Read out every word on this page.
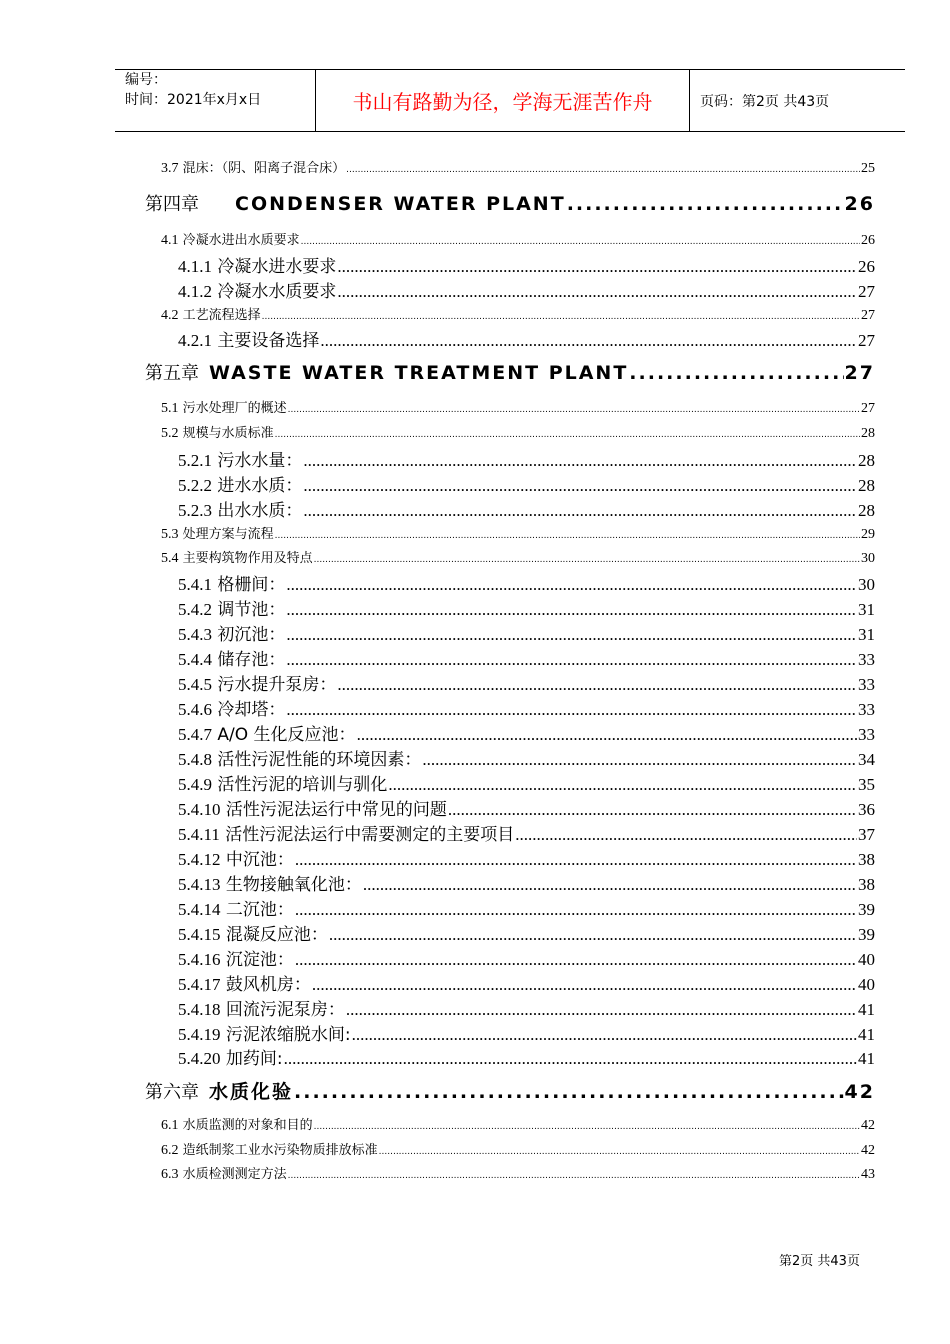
编号：
时间：2021年x月x日	书山有路勤为径，学海无涯苦作舟	页码：第2页 共43页
3.7 混床：（阴、阳离子混合床） .....	25
第四章 CONDENSER WATER PLANT .....	26
4.1 冷凝水进出水质要求 .....	26
4.1.1 冷凝水进水要求 .....	26
4.1.2 冷凝水水质要求 .....	27
4.2 工艺流程选择 .....	27
4.2.1 主要设备选择 .....	27
第五章 WASTE WATER TREATMENT PLANT .....	27
5.1 污水处理厂的概述 .....	27
5.2 规模与水质标准 .....	28
5.2.1 污水水量： .....	28
5.2.2 进水水质： .....	28
5.2.3 出水水质： .....	28
5.3 处理方案与流程 .....	29
5.4 主要构筑物作用及特点 .....	30
5.4.1 格栅间： .....	30
5.4.2 调节池： .....	31
5.4.3 初沉池： .....	31
5.4.4 储存池： .....	33
5.4.5 污水提升泵房： .....	33
5.4.6 冷却塔： .....	33
5.4.7 A/O 生化反应池： .....	33
5.4.8 活性污泥性能的环境因素： .....	34
5.4.9 活性污泥的培训与驯化 .....	35
5.4.10 活性污泥法运行中常见的问题 .....	36
5.4.11 活性污泥法运行中需要测定的主要项目 .....	37
5.4.12 中沉池： .....	38
5.4.13 生物接触氧化池： .....	38
5.4.14 二沉池： .....	39
5.4.15 混凝反应池： .....	39
5.4.16 沉淀池： .....	40
5.4.17 鼓风机房： .....	40
5.4.18 回流污泥泵房： .....	41
5.4.19 污泥浓缩脱水间: .....	41
5.4.20 加药间: .....	41
第六章 水质化验 .....	42
6.1 水质监测的对象和目的 .....	42
6.2 造纸制浆工业水污染物质排放标准 .....	42
6.3 水质检测测定方法 .....	43
第2页 共43页
